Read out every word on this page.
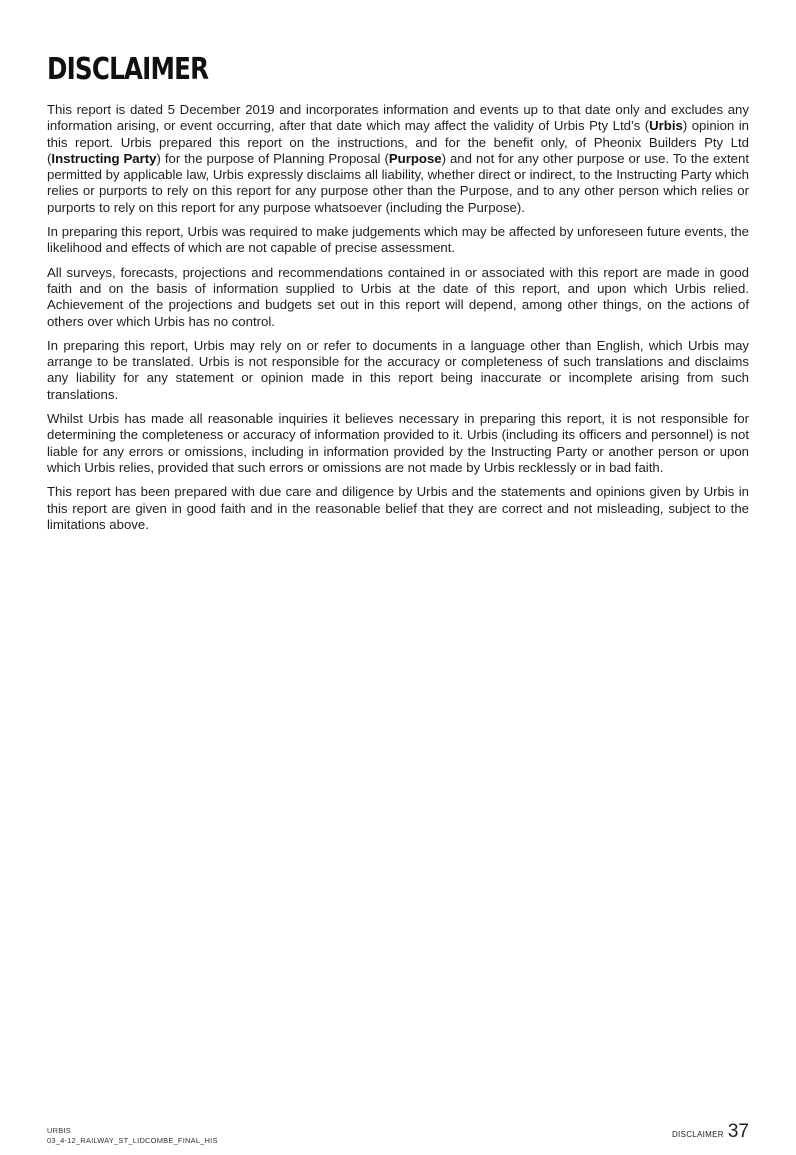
DISCLAIMER

This report is dated 5 December 2019 and incorporates information and events up to that date only and excludes any information arising, or event occurring, after that date which may affect the validity of Urbis Pty Ltd’s (Urbis) opinion in this report. Urbis prepared this report on the instructions, and for the benefit only, of Pheonix Builders Pty Ltd (Instructing Party) for the purpose of Planning Proposal (Purpose) and not for any other purpose or use. To the extent permitted by applicable law, Urbis expressly disclaims all liability, whether direct or indirect, to the Instructing Party which relies or purports to rely on this report for any purpose other than the Purpose, and to any other person which relies or purports to rely on this report for any purpose whatsoever (including the Purpose).

In preparing this report, Urbis was required to make judgements which may be affected by unforeseen future events, the likelihood and effects of which are not capable of precise assessment.

All surveys, forecasts, projections and recommendations contained in or associated with this report are made in good faith and on the basis of information supplied to Urbis at the date of this report, and upon which Urbis relied. Achievement of the projections and budgets set out in this report will depend, among other things, on the actions of others over which Urbis has no control.

In preparing this report, Urbis may rely on or refer to documents in a language other than English, which Urbis may arrange to be translated. Urbis is not responsible for the accuracy or completeness of such translations and disclaims any liability for any statement or opinion made in this report being inaccurate or incomplete arising from such translations.

Whilst Urbis has made all reasonable inquiries it believes necessary in preparing this report, it is not responsible for determining the completeness or accuracy of information provided to it. Urbis (including its officers and personnel) is not liable for any errors or omissions, including in information provided by the Instructing Party or another person or upon which Urbis relies, provided that such errors or omissions are not made by Urbis recklessly or in bad faith.

This report has been prepared with due care and diligence by Urbis and the statements and opinions given by Urbis in this report are given in good faith and in the reasonable belief that they are correct and not misleading, subject to the limitations above.

URBIS
03_4-12_RAILWAY_ST_LIDCOMBE_FINAL_HIS
DISCLAIMER 37
